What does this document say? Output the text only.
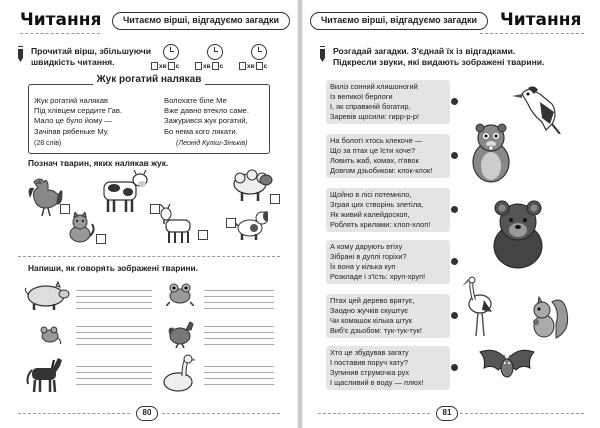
Читання	Читаємо вірші, відгадуємо загадки
Прочитай вірш, збільшуючи
швидкість читання.	хв с	хв с	хв с
Жук рогатий налякав
Жук рогатий налякав
Під хлівцем сердите Гав.
Мало це було йому —
Зачіпав рябеньке Му.
Волохате біле Ме
Вже давно втекло саме.
Зажурився жук рогатий,
Бо нема кого лякати.
(28 слів)	(Леонід Куліш-Зіньків)
Познач тварин, яких налякав жук.
Напиши, як говорять зображені тварини.
80
Читаємо вірші, відгадуємо загадки	Читання
Розгадай загадки. З'єднай їх із відгадками.
Підкресли звуки, які видають зображені тварини.
Виліз сонний клишоногий
Із великої берлоги
І, як справжній богатир,
Заревів щосили: гирр-р-р!
На болоті хтось клекоче —
Що за птах це їсти хоче?
Ловить жаб, комах, п'явок
Довгим дзьобиком: клок-клок!
Щойно в лісі потемніло,
Зграя цих створінь злетіла,
Як живий калейдоскоп,
Роблять крилами: хлоп-хлоп!
А кому дарують втіху
Зібрані в дуплі горіхи?
Їх вона у кілька куп
Розкладе і з'їсть: хруп-хруп!
Птах цей дерево врятує,
Заодно жучків скуштує
Чи комашок кілька штук
Виб'є дзьобом: тук-тук-тук!
Хто це збудував загату
І поставив поруч хату?
Зупинив струмочка рух
І щасливий в воду — плюх!
81
